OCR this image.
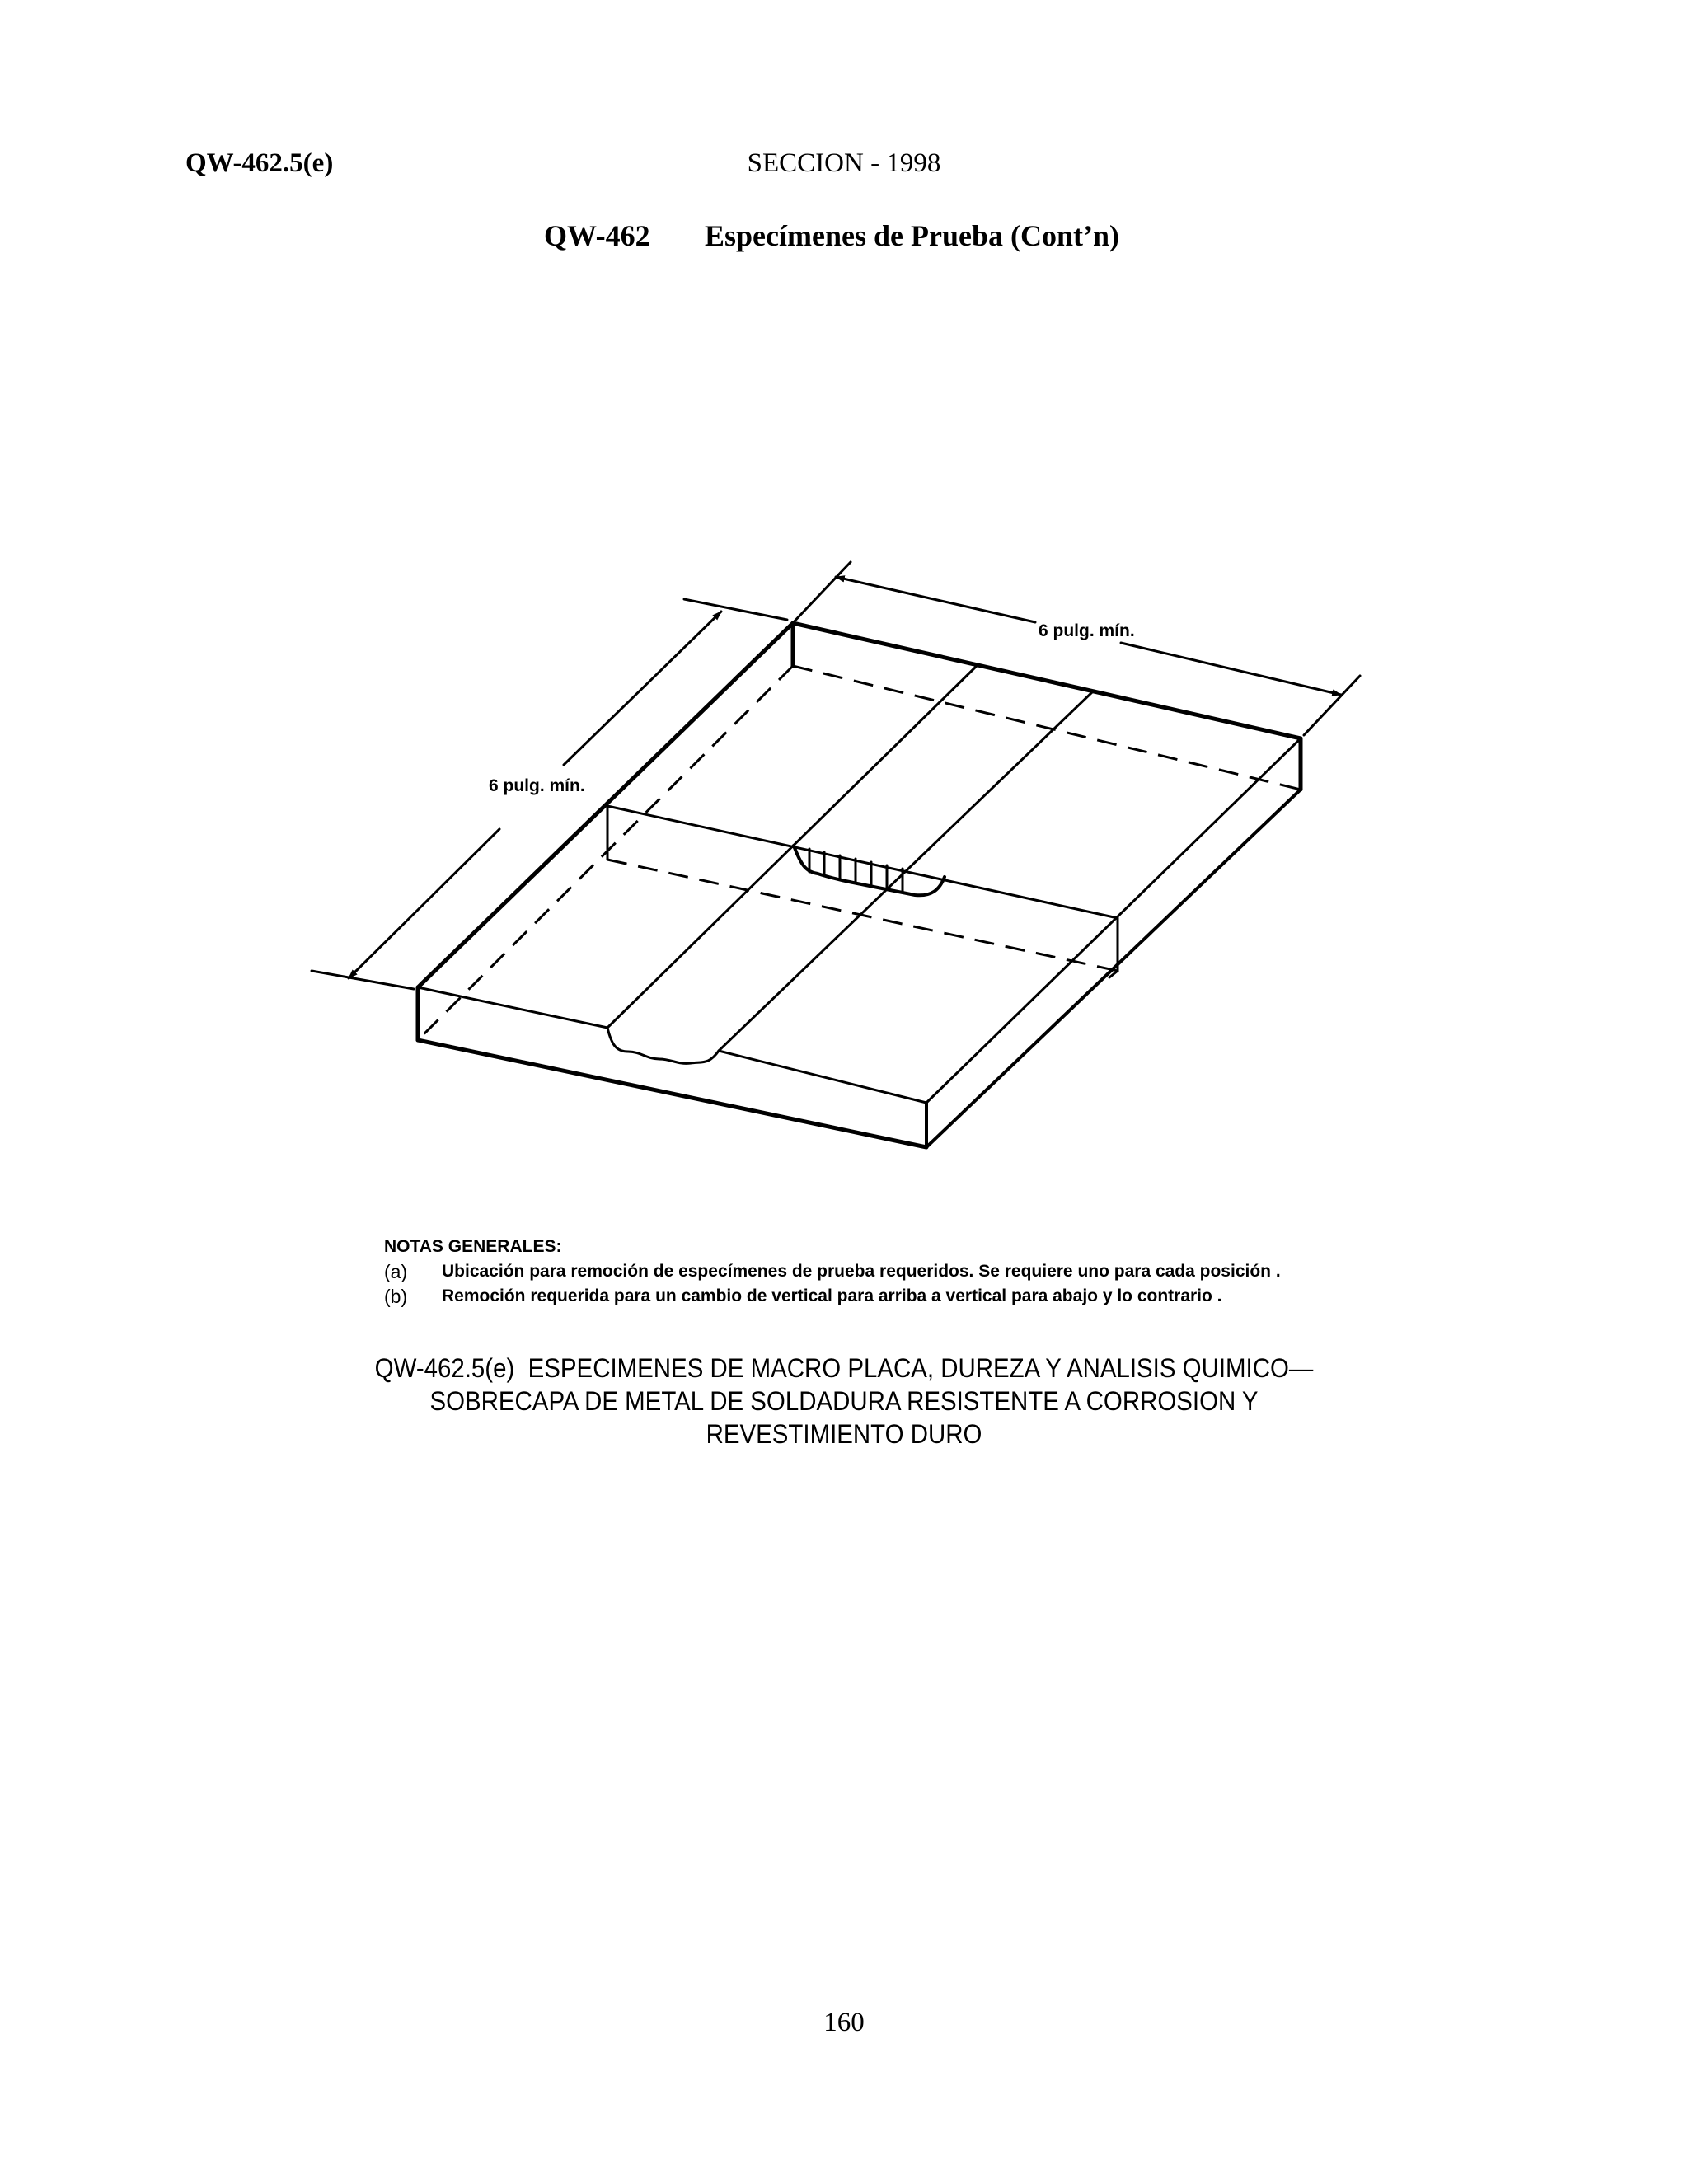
QW-462.5(e)	SECCION - 1998
QW-462 Especímenes de Prueba (Cont’n)
6 pulg. mín.
6 pulg. mín.
NOTAS GENERALES:
(a) Ubicación para remoción de especímenes de prueba requeridos. Se requiere uno para cada posición .
(b) Remoción requerida para un cambio de vertical para arriba a vertical para abajo y lo contrario .
QW-462.5(e)  ESPECIMENES DE MACRO PLACA, DUREZA Y ANALISIS QUIMICO—
SOBRECAPA DE METAL DE SOLDADURA RESISTENTE A CORROSION Y
REVESTIMIENTO DURO
160
